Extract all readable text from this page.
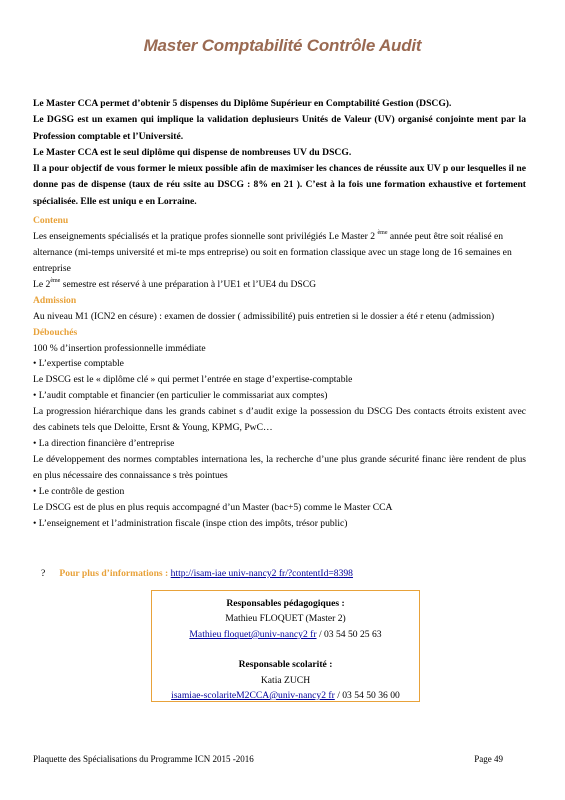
Master Comptabilité Contrôle Audit

Le Master CCA permet d’obtenir 5 dispenses du Diplôme Supérieur en Comptabilité Gestion (DSCG).

Le DGSG est un examen qui implique la validation deplusieurs Unités de Valeur (UV) organisé conjointe ment par la Profession comptable et l’Université.

Le Master CCA est le seul diplôme qui dispense de nombreuses UV du DSCG.

Il a pour objectif de vous former le mieux possible afin de maximiser les chances de réussite aux UV p our lesquelles il ne donne pas de dispense (taux de réu ssite au DSCG : 8% en 21 ). C’est à la fois une formation exhaustive et fortement spécialisée. Elle est uniqu e en Lorraine.

Contenu

Les enseignements spécialisés et la pratique profes sionnelle sont privilégiés Le Master 2 $^{ème}$ année peut être soit réalisé en alternance (mi-temps université et mi-te mps entreprise) ou soit en formation classique avec un stage long de 16 semaines en entreprise

Le 2ème semestre est réservé à une préparation à l’UE1 et l’UE4 du DSCG

Admission
Au niveau M1 (ICN2 en césure) : examen de dossier ( admissibilité) puis entretien si le dossier a été r etenu (admission)
Débouchés

100 % d’insertion professionnelle immédiate

• L’expertise comptable

Le DSCG est le « diplôme clé » qui permet l’entrée en stage d’expertise-comptable

• L’audit comptable et financier (en particulier le commissariat aux comptes)

La progression hiérarchique dans les grands cabinet s d’audit exige la possession du DSCG Des contacts étroits existent avec des cabinets tels que Deloitte, Ersnt & Young, KPMG, PwC…

• La direction financière d’entreprise

Le développement des normes comptables internationa les, la recherche d’une plus grande sécurité financ ière rendent de plus en plus nécessaire des connaissance s très pointues

• Le contrôle de gestion

Le DSCG est de plus en plus requis accompagné d’un Master (bac+5) comme le Master CCA

• L’enseignement et l’administration fiscale (inspe ction des impôts, trésor public)

? Pour plus d’informations : http://isam-iae univ-nancy2 fr/?contentId=8398
Responsables pédagogiques :
Mathieu FLOQUET (Master 2)
Mathieu floquet@univ-nancy2 fr / 03 54 50 25 63
Responsable scolarité :
Katia ZUCH
isamiae-scolariteM2CCA@univ-nancy2 fr / 03 54 50 36 00
Plaquette des Spécialisations du Programme ICN 2015 -2016	Page 49
